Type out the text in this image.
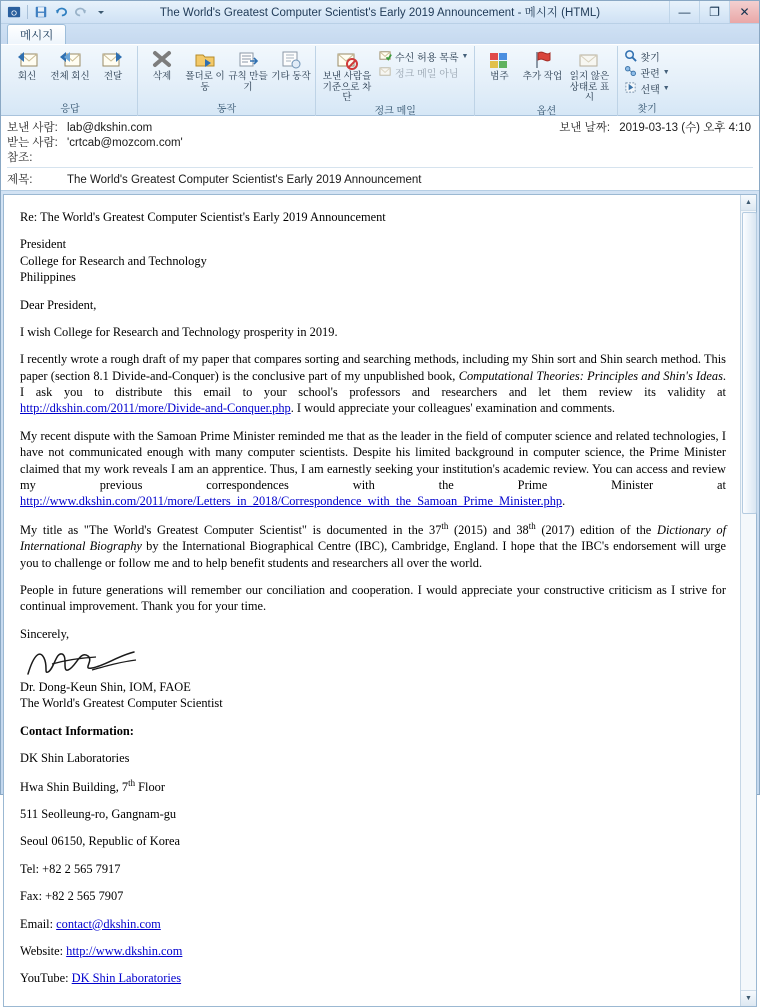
O	The World's Greatest Computer Scientist's Early 2019 Announcement - 메시지 (HTML)	—	❐	✕
메시지
회신 전체 회신 전달
응답
삭제 폴더로 이동
규칙 만들기
기타 동작
동작
보낸 사람을 기준으로 차단
수신 허용 목록 ▼
정크 메일 아님
정크 메일
범주 추가 작업 읽지 않은 상태로 표시
옵션
찾기
관련 ▼
선택 ▼
찾기
보낸 날짜: 2019-03-13 (수) 오후 4:10
보낸 사람: lab@dkshin.com
받는 사람: 'crtcab@mozcom.com'
참조:
제목:	The World's Greatest Computer Scientist's Early 2019 Announcement

Re: The World's Greatest Computer Scientist's Early 2019 Announcement

President
College for Research and Technology
Philippines

Dear President,

I wish College for Research and Technology prosperity in 2019.

I recently wrote a rough draft of my paper that compares sorting and searching methods, including my Shin sort and Shin search method. This paper (section 8.1 Divide-and-Conquer) is the conclusive part of my unpublished book, Computational Theories: Principles and Shin's Ideas. I ask you to distribute this email to your school's professors and researchers and let them review its validity at http://dkshin.com/2011/more/Divide-and-Conquer.php. I would appreciate your colleagues' examination and comments.

My recent dispute with the Samoan Prime Minister reminded me that as the leader in the field of computer science and related technologies, I have not communicated enough with many computer scientists. Despite his limited background in computer science, the Prime Minister claimed that my work reveals I am an apprentice. Thus, I am earnestly seeking your institution's academic review. You can access and review my previous correspondences with the Prime Minister at http://www.dkshin.com/2011/more/Letters_in_2018/Correspondence_with_the_Samoan_Prime_Minister.php.

My title as "The World's Greatest Computer Scientist" is documented in the 37th (2015) and 38th (2017) edition of the Dictionary of International Biography by the International Biographical Centre (IBC), Cambridge, England. I hope that the IBC's endorsement will urge you to challenge or follow me and to help benefit students and researchers all over the world.

People in future generations will remember our conciliation and cooperation. I would appreciate your constructive criticism as I strive for continual improvement. Thank you for your time.

Sincerely,

Dr. Dong-Keun Shin, IOM, FAOE

The World's Greatest Computer Scientist

Contact Information:

DK Shin Laboratories

Hwa Shin Building, 7th Floor

511 Seolleung-ro, Gangnam-gu

Seoul 06150, Republic of Korea

Tel: +82 2 565 7917

Fax: +82 2 565 7907

Email: contact@dkshin.com

Website: http://www.dkshin.com

YouTube: DK Shin Laboratories

▲
▼
